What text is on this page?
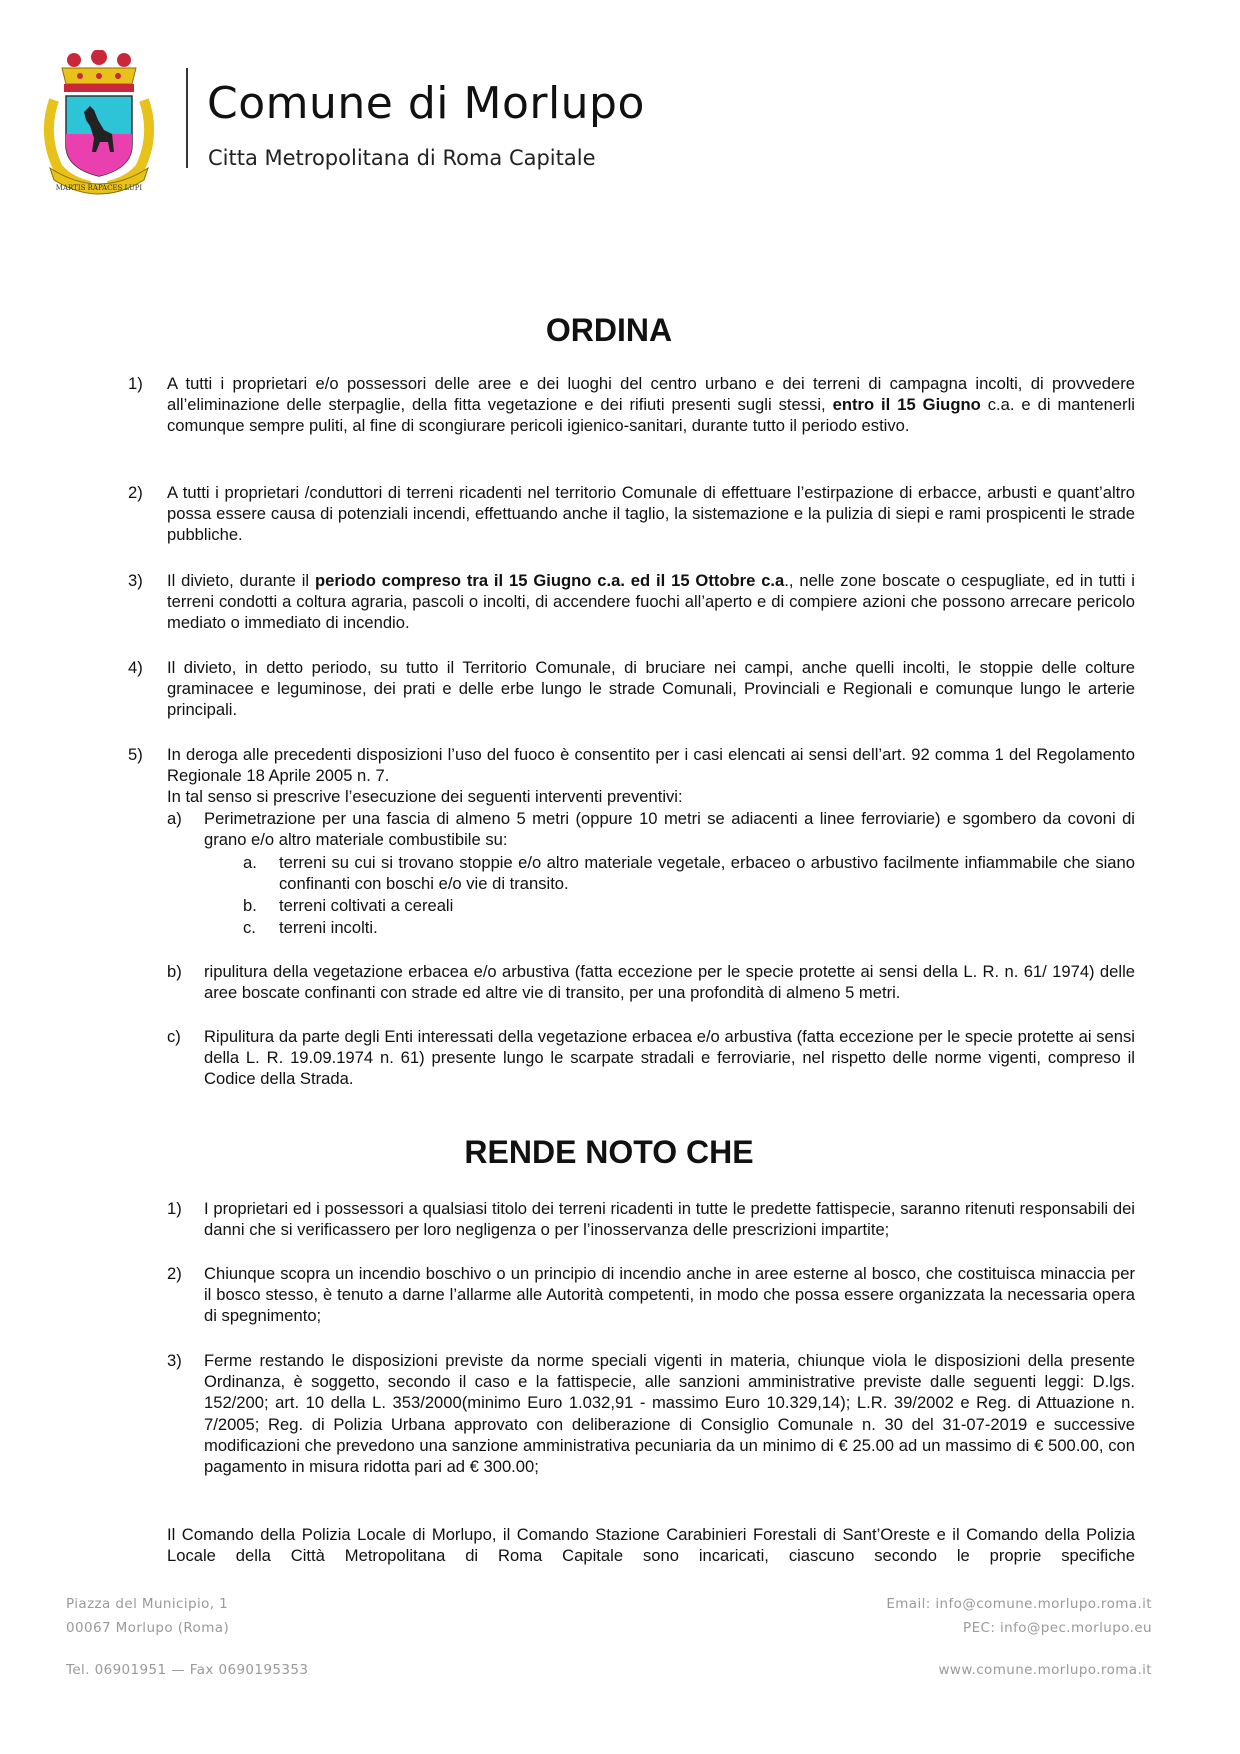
MARTIS RAPACES LUPI
Comune di Morlupo
Citta Metropolitana di Roma Capitale
ORDINA
1) A tutti i proprietari e/o possessori delle aree e dei luoghi del centro urbano e dei terreni di campagna incolti, di provvedere all’eliminazione delle sterpaglie, della fitta vegetazione e dei rifiuti presenti sugli stessi, entro il 15 Giugno c.a. e di mantenerli comunque sempre puliti, al fine di scongiurare pericoli igienico-sanitari, durante tutto il periodo estivo.
2) A tutti i proprietari /conduttori di terreni ricadenti nel territorio Comunale di effettuare l’estirpazione di erbacce, arbusti e quant’altro possa essere causa di potenziali incendi, effettuando anche il taglio, la sistemazione e la pulizia di siepi e rami prospicenti le strade pubbliche.
3) Il divieto, durante il periodo compreso tra il 15 Giugno c.a. ed il 15 Ottobre c.a., nelle zone boscate o cespugliate, ed in tutti i terreni condotti a coltura agraria, pascoli o incolti, di accendere fuochi all’aperto e di compiere azioni che possono arrecare pericolo mediato o immediato di incendio.
4) Il divieto, in detto periodo, su tutto il Territorio Comunale, di bruciare nei campi, anche quelli incolti, le stoppie delle colture graminacee e leguminose, dei prati e delle erbe lungo le strade Comunali, Provinciali e Regionali e comunque lungo le arterie principali.
5) In deroga alle precedenti disposizioni l’uso del fuoco è consentito per i casi elencati ai sensi dell’art. 92 comma 1 del Regolamento Regionale 18 Aprile 2005 n. 7.
In tal senso si prescrive l’esecuzione dei seguenti interventi preventivi:
a) Perimetrazione per una fascia di almeno 5 metri (oppure 10 metri se adiacenti a linee ferroviarie) e sgombero da covoni di grano e/o altro materiale combustibile su:
a. terreni su cui si trovano stoppie e/o altro materiale vegetale, erbaceo o arbustivo facilmente infiammabile che siano confinanti con boschi e/o vie di transito.
b. terreni coltivati a cereali
c. terreni incolti.
b) ripulitura della vegetazione erbacea e/o arbustiva (fatta eccezione per le specie protette ai sensi della L. R. n. 61/ 1974) delle aree boscate confinanti con strade ed altre vie di transito, per una profondità di almeno 5 metri.
c) Ripulitura da parte degli Enti interessati della vegetazione erbacea e/o arbustiva (fatta eccezione per le specie protette ai sensi della L. R. 19.09.1974 n. 61) presente lungo le scarpate stradali e ferroviarie, nel rispetto delle norme vigenti, compreso il Codice della Strada.
RENDE NOTO CHE
1) I proprietari ed i possessori a qualsiasi titolo dei terreni ricadenti in tutte le predette fattispecie, saranno ritenuti responsabili dei danni che si verificassero per loro negligenza o per l’inosservanza delle prescrizioni impartite;
2) Chiunque scopra un incendio boschivo o un principio di incendio anche in aree esterne al bosco, che costituisca minaccia per il bosco stesso, è tenuto a darne l’allarme alle Autorità competenti, in modo che possa essere organizzata la necessaria opera di spegnimento;
3) Ferme restando le disposizioni previste da norme speciali vigenti in materia, chiunque viola le disposizioni della presente Ordinanza, è soggetto, secondo il caso e la fattispecie, alle sanzioni amministrative previste dalle seguenti leggi: D.lgs. 152/200; art. 10 della L. 353/2000(minimo Euro 1.032,91 - massimo Euro 10.329,14); L.R. 39/2002 e Reg. di Attuazione n. 7/2005; Reg. di Polizia Urbana approvato con deliberazione di Consiglio Comunale n. 30 del 31-07-2019 e successive modificazioni che prevedono una sanzione amministrativa pecuniaria da un minimo di € 25.00 ad un massimo di € 500.00, con pagamento in misura ridotta pari ad € 300.00;
Il Comando della Polizia Locale di Morlupo, il Comando Stazione Carabinieri Forestali di Sant’Oreste e il Comando della Polizia Locale della Città Metropolitana di Roma Capitale sono incaricati, ciascuno secondo le proprie specifiche
Piazza del Municipio, 1
00067 Morlupo (Roma)
Tel. 06901951 — Fax 0690195353
Email: info@comune.morlupo.roma.it
PEC: info@pec.morlupo.eu
www.comune.morlupo.roma.it
